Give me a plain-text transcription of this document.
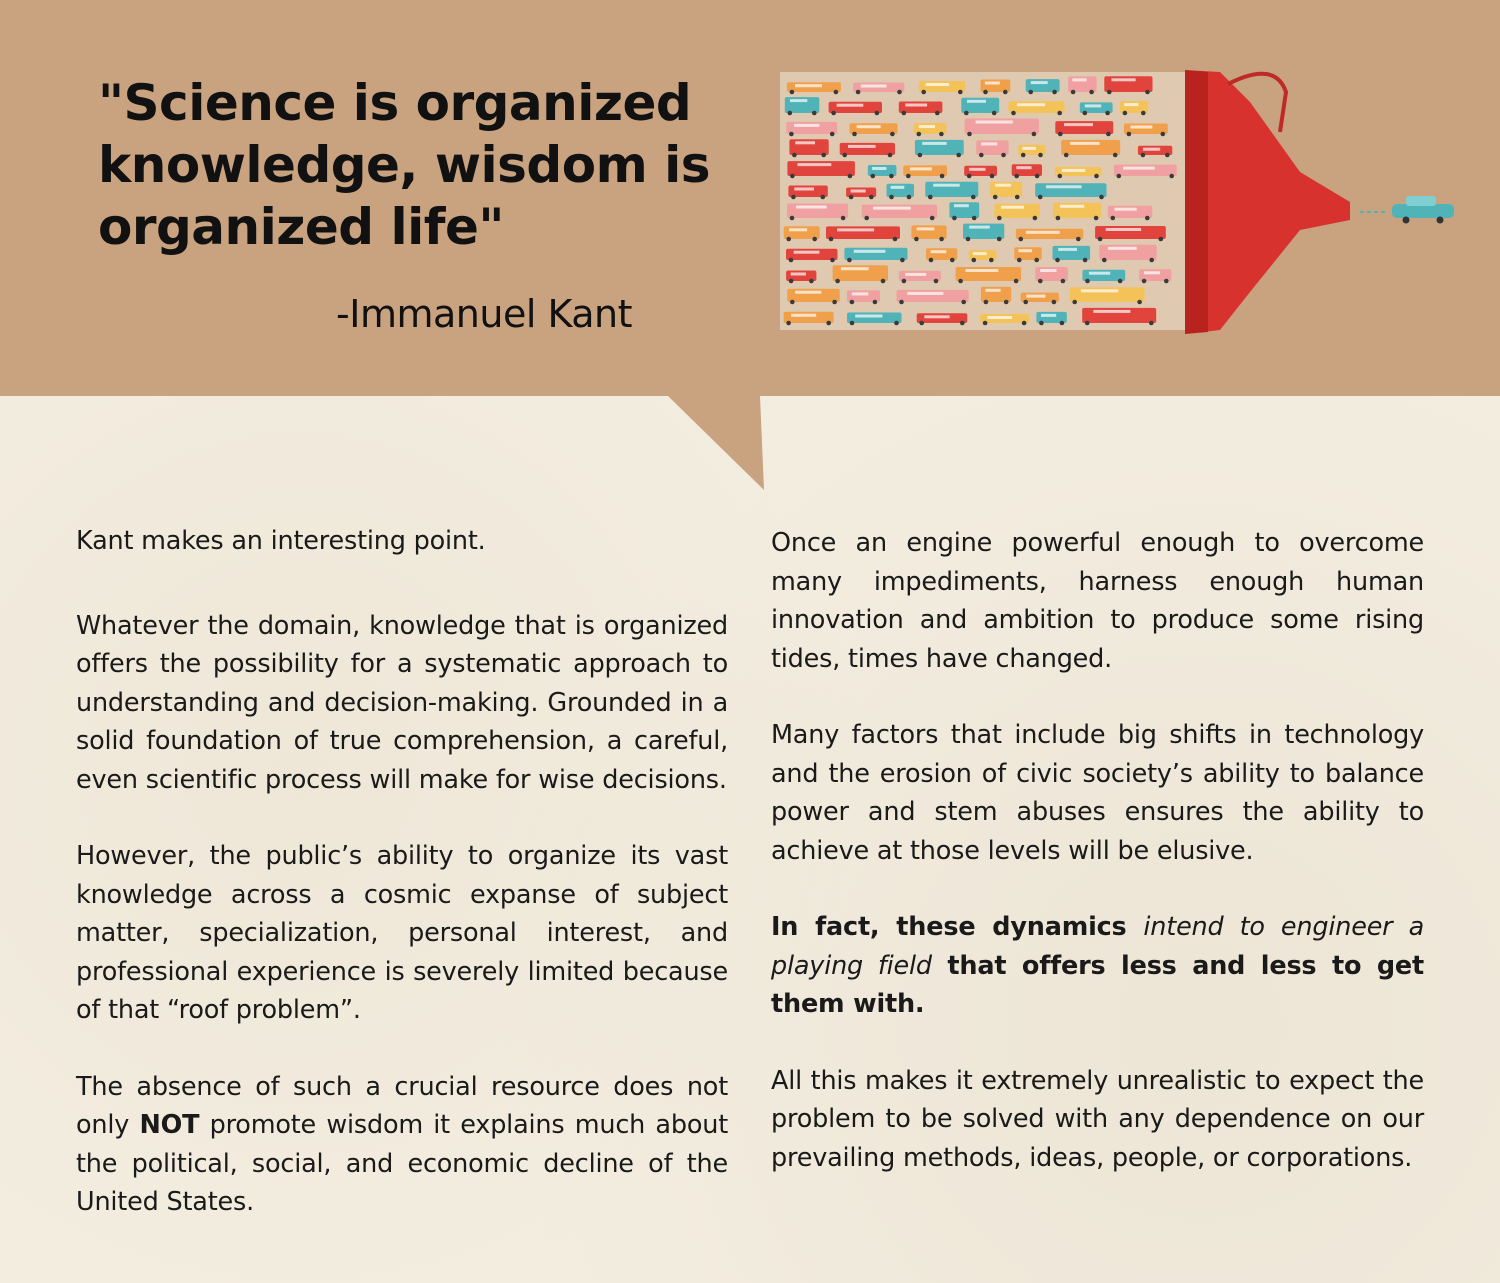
"Science is organized knowledge, wisdom is organized life"

-Immanuel Kant

Kant makes an interesting point.

Whatever the domain, knowledge that is organized offers the possibility for a systematic approach to understanding and decision-making. Grounded in a solid foundation of true comprehension, a careful, even scientific process will make for wise decisions.

However, the public’s ability to organize its vast knowledge across a cosmic expanse of subject matter, specialization, personal interest, and professional experience is severely limited because of that “roof problem”.

The absence of such a crucial resource does not only NOT promote wisdom it explains much about the political, social, and economic decline of the United States.

Once an engine powerful enough to overcome many impediments, harness enough human innovation and ambition to produce some rising tides, times have changed.

Many factors that include big shifts in technology and the erosion of civic society’s ability to balance power and stem abuses ensures the ability to achieve at those levels will be elusive.

In fact, these dynamics intend to engineer a playing field that offers less and less to get them with.

All this makes it extremely unrealistic to expect the problem to be solved with any dependence on our prevailing methods, ideas, people, or corporations.
